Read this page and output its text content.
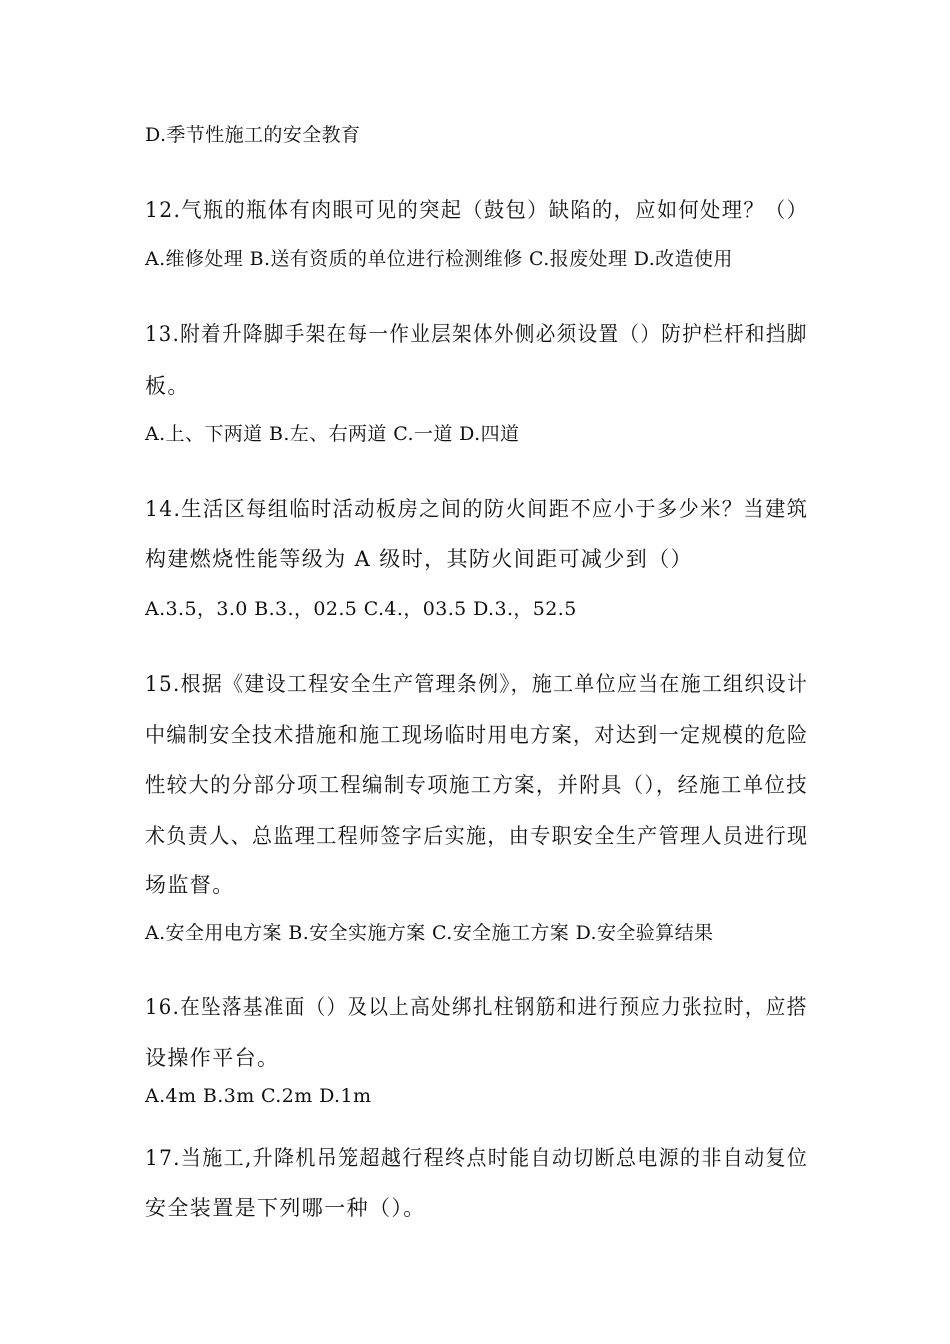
D.季节性施工的安全教育
12.气瓶的瓶体有肉眼可见的突起（鼓包）缺陷的，应如何处理？（）
A.维修处理 B.送有资质的单位进行检测维修 C.报废处理 D.改造使用
13.附着升降脚手架在每一作业层架体外侧必须设置（）防护栏杆和挡脚
板。
A.上、下两道 B.左、右两道 C.一道 D.四道
14.生活区每组临时活动板房之间的防火间距不应小于多少米？当建筑
构建燃烧性能等级为 A 级时，其防火间距可减少到（）
A.3.5，3.0 B.3.，02.5 C.4.，03.5 D.3.，52.5
15.根据《建设工程安全生产管理条例》，施工单位应当在施工组织设计
中编制安全技术措施和施工现场临时用电方案，对达到一定规模的危险
性较大的分部分项工程编制专项施工方案，并附具（），经施工单位技
术负责人、总监理工程师签字后实施，由专职安全生产管理人员进行现
场监督。
A.安全用电方案 B.安全实施方案 C.安全施工方案 D.安全验算结果
16.在坠落基准面（）及以上高处绑扎柱钢筋和进行预应力张拉时，应搭
设操作平台。
A.4m B.3m C.2m D.1m
17.当施工,升降机吊笼超越行程终点时能自动切断总电源的非自动复位
安全装置是下列哪一种（）。
